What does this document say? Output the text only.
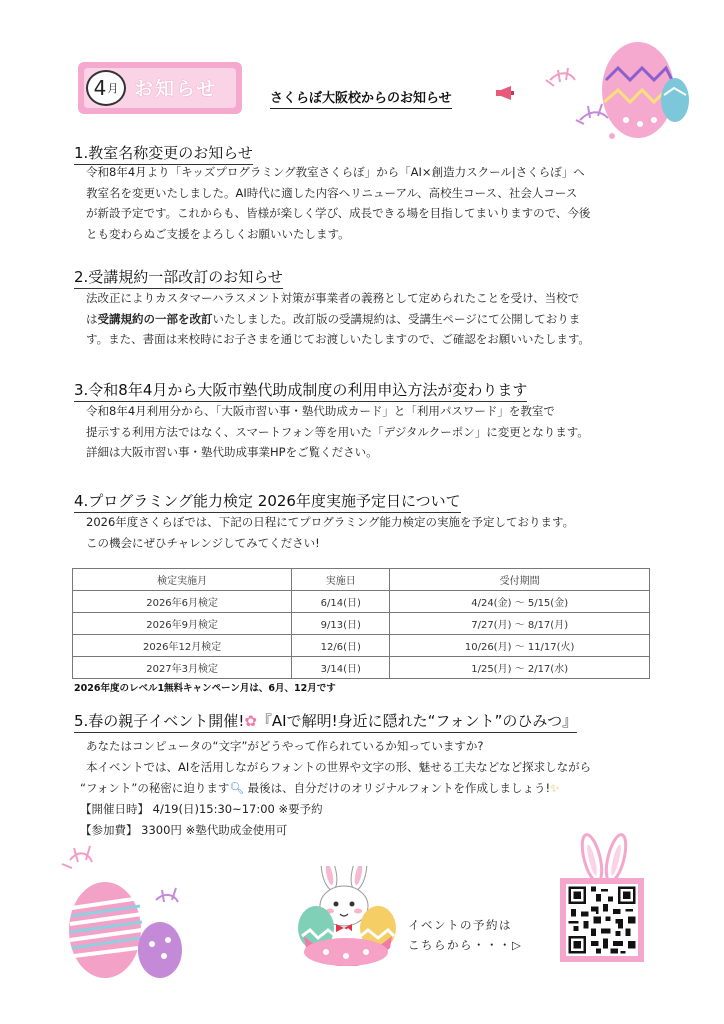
4 月 お知らせ	さくらぼ大阪校からのお知らせ
1.教室名称変更のお知らせ
令和8年4月より「キッズプログラミング教室さくらぼ」から「AI×創造力スクール|さくらぼ」へ
教室名を変更いたしました。AI時代に適した内容へリニューアル、高校生コース、社会人コース
が新設予定です。これからも、皆様が楽しく学び、成長できる場を目指してまいりますので、今後
とも変わらぬご支援をよろしくお願いいたします。
2.受講規約一部改訂のお知らせ
法改正によりカスタマーハラスメント対策が事業者の義務として定められたことを受け、当校で
は受講規約の一部を改訂いたしました。改訂版の受講規約は、受講生ページにて公開しておりま
す。また、書面は来校時にお子さまを通じてお渡しいたしますので、ご確認をお願いいたします。
3.令和8年4月から大阪市塾代助成制度の利用申込方法が変わります
令和8年4月利用分から、「大阪市習い事・塾代助成カード」と「利用パスワード」を教室で
提示する利用方法ではなく、スマートフォン等を用いた「デジタルクーポン」に変更となります。
詳細は大阪市習い事・塾代助成事業HPをご覧ください。
4.プログラミング能力検定 2026年度実施予定日について
2026年度さくらぼでは、下記の日程にてプログラミング能力検定の実施を予定しております。
この機会にぜひチャレンジしてみてください!
検定実施月	実施日	受付期間
2026年6月検定	6/14(日)	4/24(金) ～ 5/15(金)
2026年9月検定	9/13(日)	7/27(月) ～ 8/17(月)
2026年12月検定	12/6(日)	10/26(月) ～ 11/17(火)
2027年3月検定	3/14(日)	1/25(月) ～ 2/17(水)
2026年度のレベル1無料キャンペーン月は、6月、12月です
5.春の親子イベント開催!✿『AIで解明!身近に隠れた“フォント”のひみつ』
あなたはコンピュータの“文字”がどうやって作られているか知っていますか?
本イベントでは、AIを活用しながらフォントの世界や文字の形、魅せる工夫などなど探求しながら
“フォント”の秘密に迫ります🔍︎ 最後は、自分だけのオリジナルフォントを作成しましょう!✨︎
【開催日時】 4/19(日)15:30~17:00 ※要予約
【参加費】 3300円 ※塾代助成金使用可
イベントの予約は
こちらから・・・▷
